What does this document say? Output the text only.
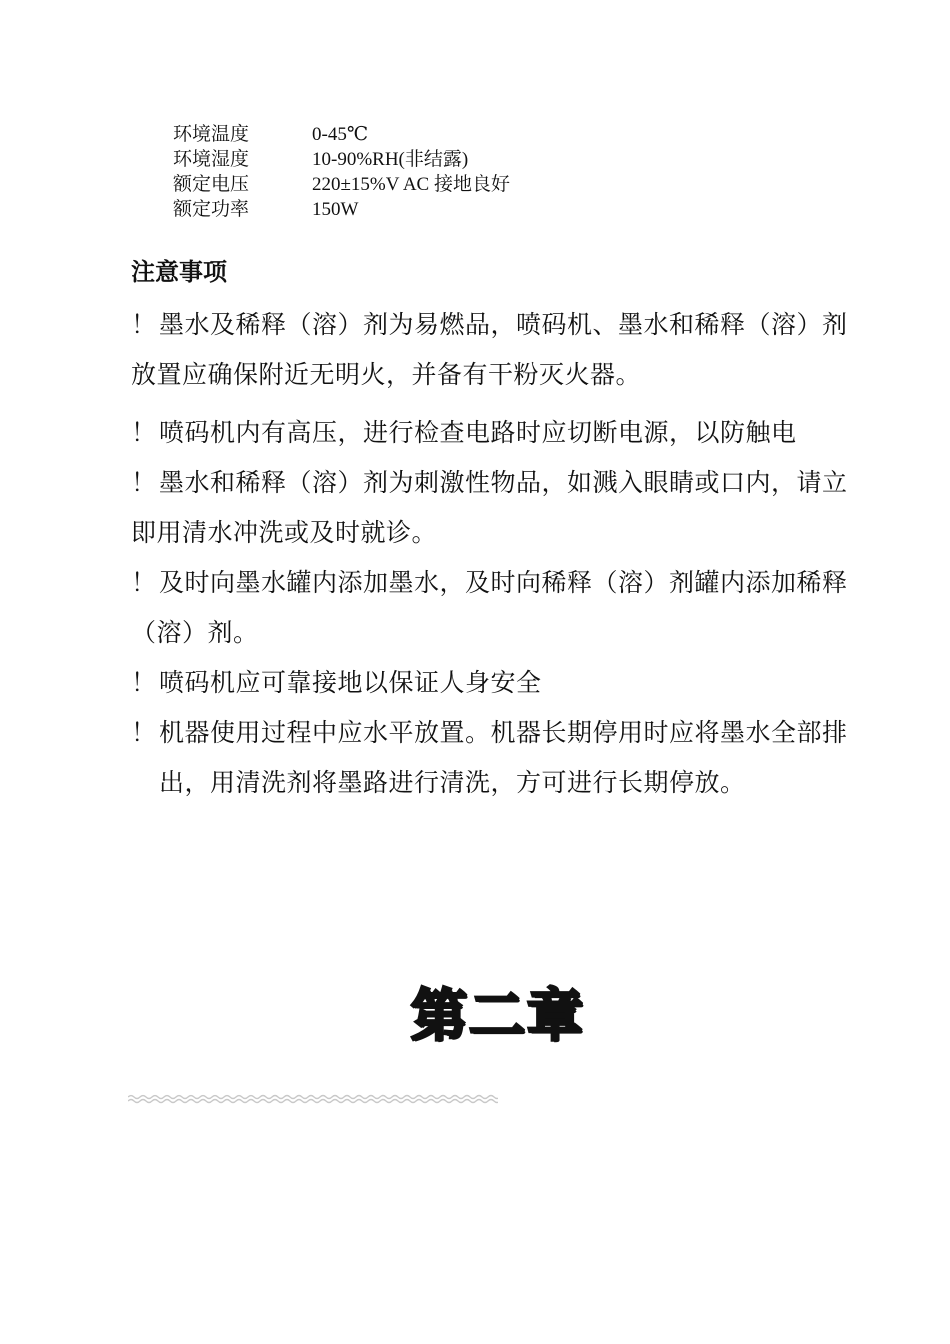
环境温度	0-45℃
环境湿度	10-90%RH(非结露)
额定电压	220±15%V AC 接地良好
额定功率	150W
注意事项

！墨水及稀释（溶）剂为易燃品，喷码机、墨水和稀释（溶）剂放置应确保附近无明火，并备有干粉灭火器。

！喷码机内有高压，进行检查电路时应切断电源，以防触电

！墨水和稀释（溶）剂为刺激性物品，如溅入眼睛或口内，请立即用清水冲洗或及时就诊。

！及时向墨水罐内添加墨水，及时向稀释（溶）剂罐内添加稀释（溶）剂。

！喷码机应可靠接地以保证人身安全

！ 机器使用过程中应水平放置。机器长期停用时应将墨水全部排出，用清洗剂将墨路进行清洗，方可进行长期停放。

第二章
